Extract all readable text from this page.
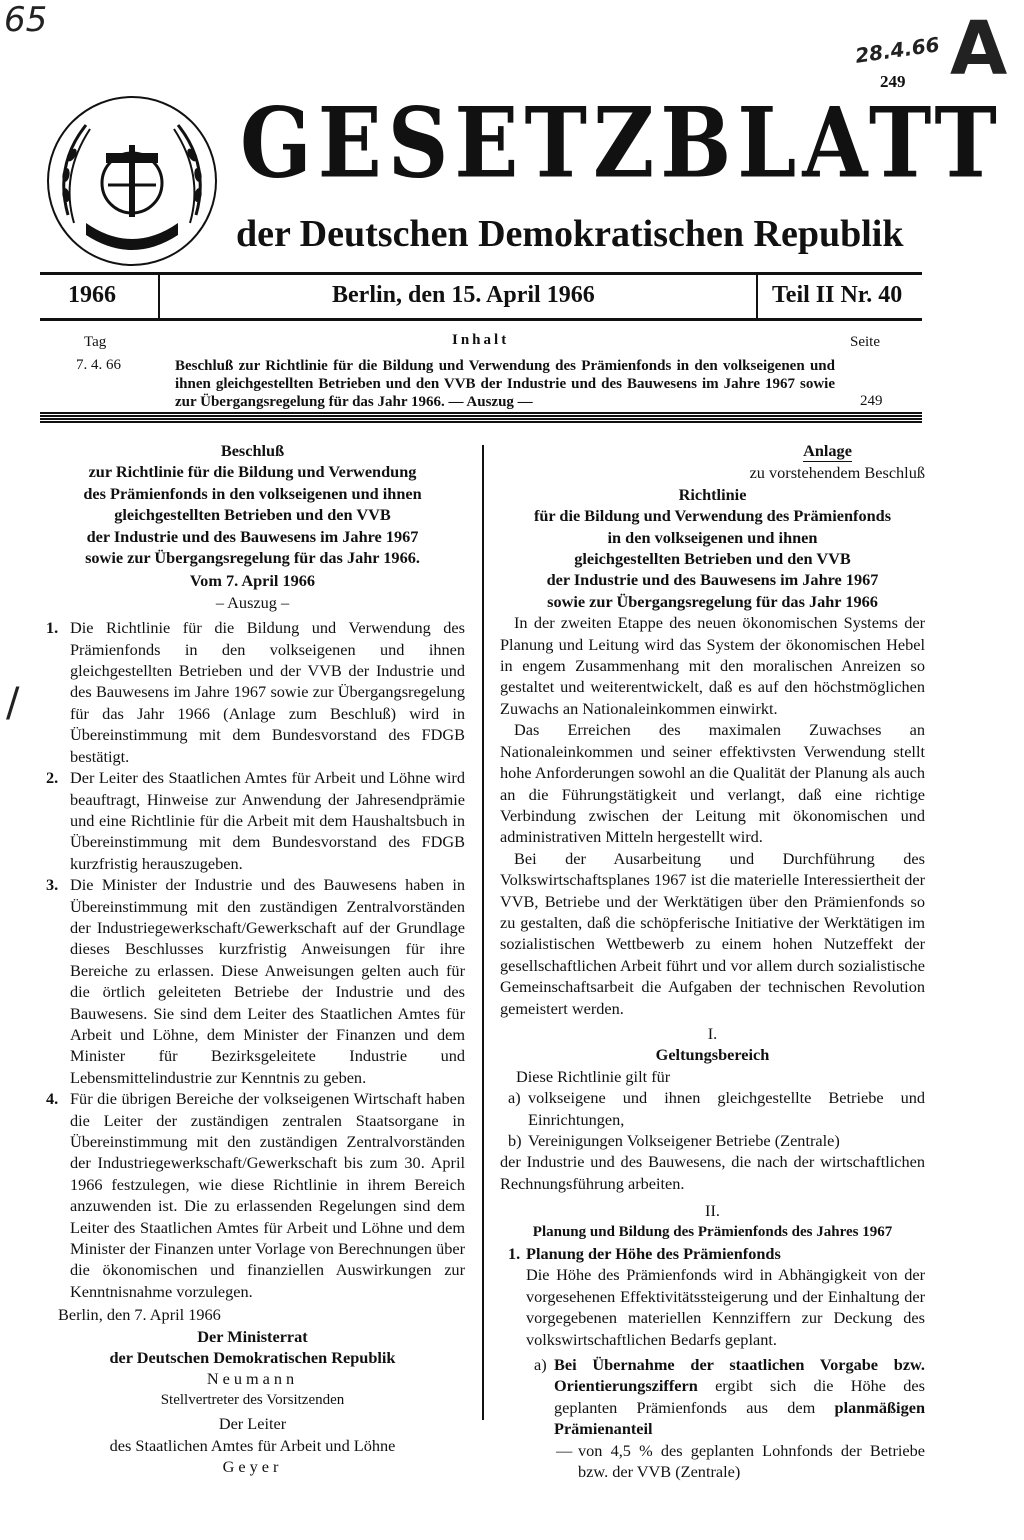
65
28.4.66 A
/
249
GESETZBLATT
der Deutschen Demokratischen Republik
1966	Berlin, den 15. April 1966	Teil II Nr. 40
Tag	Inhalt	Seite
7. 4. 66	Beschluß zur Richtlinie für die Bildung und Verwendung des Prämienfonds in den volkseigenen und ihnen gleichgestellten Betrieben und den VVB der Industrie und des Bauwesens im Jahre 1967 sowie zur Übergangsregelung für das Jahr 1966. — Auszug —	249
Beschluß
zur Richtlinie für die Bildung und Verwendung
des Prämienfonds in den volkseigenen und ihnen
gleichgestellten Betrieben und den VVB
der Industrie und des Bauwesens im Jahre 1967
sowie zur Übergangsregelung für das Jahr 1966.
Vom 7. April 1966
– Auszug –
1. Die Richtlinie für die Bildung und Verwendung des Prämienfonds in den volkseigenen und ihnen gleichgestellten Betrieben und der VVB der Industrie und des Bauwesens im Jahre 1967 sowie zur Übergangsregelung für das Jahr 1966 (Anlage zum Beschluß) wird in Übereinstimmung mit dem Bundesvorstand des FDGB bestätigt.
2. Der Leiter des Staatlichen Amtes für Arbeit und Löhne wird beauftragt, Hinweise zur Anwendung der Jahresendprämie und eine Richtlinie für die Arbeit mit dem Haushaltsbuch in Übereinstimmung mit dem Bundesvorstand des FDGB kurzfristig herauszugeben.
3. Die Minister der Industrie und des Bauwesens haben in Übereinstimmung mit den zuständigen Zentralvorständen der Industriegewerkschaft/Gewerkschaft auf der Grundlage dieses Beschlusses kurzfristig Anweisungen für ihre Bereiche zu erlassen. Diese Anweisungen gelten auch für die örtlich geleiteten Betriebe der Industrie und des Bauwesens. Sie sind dem Leiter des Staatlichen Amtes für Arbeit und Löhne, dem Minister der Finanzen und dem Minister für Bezirksgeleitete Industrie und Lebensmittelindustrie zur Kenntnis zu geben.
4. Für die übrigen Bereiche der volkseigenen Wirtschaft haben die Leiter der zuständigen zentralen Staatsorgane in Übereinstimmung mit den zuständigen Zentralvorständen der Industriegewerkschaft/Gewerkschaft bis zum 30. April 1966 festzulegen, wie diese Richtlinie in ihrem Bereich anzuwenden ist. Die zu erlassenden Regelungen sind dem Leiter des Staatlichen Amtes für Arbeit und Löhne und dem Minister der Finanzen unter Vorlage von Berechnungen über die ökonomischen und finanziellen Auswirkungen zur Kenntnisnahme vorzulegen.
Berlin, den 7. April 1966
Der Ministerrat
der Deutschen Demokratischen Republik
Neumann
Stellvertreter des Vorsitzenden
Der Leiter
des Staatlichen Amtes für Arbeit und Löhne
Geyer
Anlage
zu vorstehendem Beschluß
Richtlinie
für die Bildung und Verwendung des Prämienfonds
in den volkseigenen und ihnen
gleichgestellten Betrieben und den VVB
der Industrie und des Bauwesens im Jahre 1967
sowie zur Übergangsregelung für das Jahr 1966
In der zweiten Etappe des neuen ökonomischen Systems der Planung und Leitung wird das System der ökonomischen Hebel in engem Zusammenhang mit den moralischen Anreizen so gestaltet und weiterentwickelt, daß es auf den höchstmöglichen Zuwachs an Nationaleinkommen einwirkt.
Das Erreichen des maximalen Zuwachses an Nationaleinkommen und seiner effektivsten Verwendung stellt hohe Anforderungen sowohl an die Qualität der Planung als auch an die Führungstätigkeit und verlangt, daß eine richtige Verbindung zwischen der Leitung mit ökonomischen und administrativen Mitteln hergestellt wird.
Bei der Ausarbeitung und Durchführung des Volkswirtschaftsplanes 1967 ist die materielle Interessiertheit der VVB, Betriebe und der Werktätigen über den Prämienfonds so zu gestalten, daß die schöpferische Initiative der Werktätigen im sozialistischen Wettbewerb zu einem hohen Nutzeffekt der gesellschaftlichen Arbeit führt und vor allem durch sozialistische Gemeinschaftsarbeit die Aufgaben der technischen Revolution gemeistert werden.
I.
Geltungsbereich
Diese Richtlinie gilt für
a) volkseigene und ihnen gleichgestellte Betriebe und Einrichtungen,
b) Vereinigungen Volkseigener Betriebe (Zentrale)
der Industrie und des Bauwesens, die nach der wirtschaftlichen Rechnungsführung arbeiten.
II.
Planung und Bildung des Prämienfonds des Jahres 1967
1. Planung der Höhe des Prämienfonds
Die Höhe des Prämienfonds wird in Abhängigkeit von der vorgesehenen Effektivitätssteigerung und der Einhaltung der vorgegebenen materiellen Kennziffern zur Deckung des volkswirtschaftlichen Bedarfs geplant.
a) Bei Übernahme der staatlichen Vorgabe bzw. Orientierungsziffern ergibt sich die Höhe des geplanten Prämienfonds aus dem planmäßigen Prämienanteil
— von 4,5 % des geplanten Lohnfonds der Betriebe bzw. der VVB (Zentrale)
